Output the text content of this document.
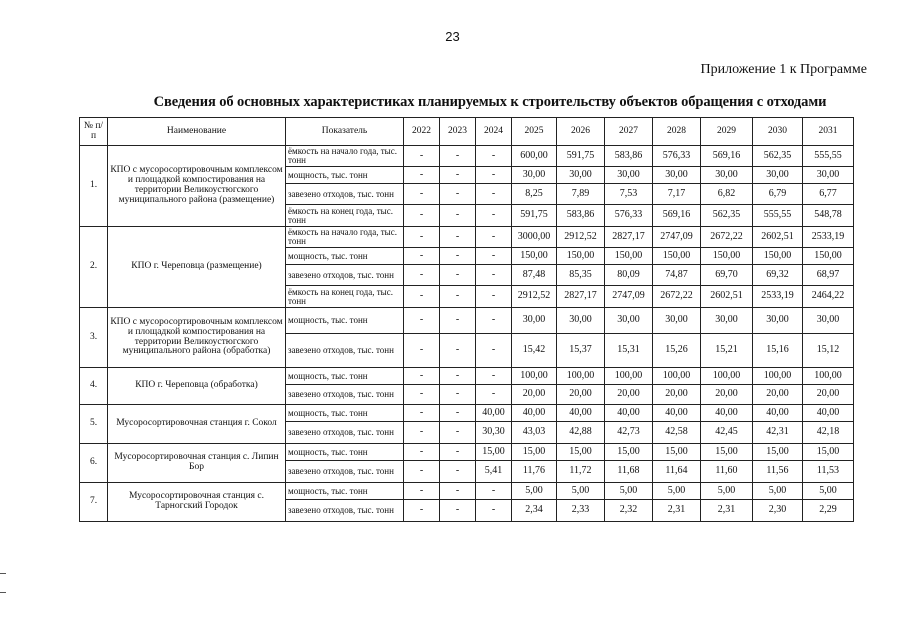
23
Приложение 1 к Программе
Сведения об основных характеристиках планируемых к строительству объектов обращения с отходами
№ п/п	Наименование	Показатель	2022	2023	2024	2025	2026	2027	2028	2029	2030	2031
1.	КПО с мусоросортировочным комплексом и площадкой компостирования на территории Великоустюгского муниципального района (размещение)	ёмкость на начало года, тыс. тонн	-	-	-	600,00	591,75	583,86	576,33	569,16	562,35	555,55
		мощность, тыс. тонн	-	-	-	30,00	30,00	30,00	30,00	30,00	30,00	30,00
		завезено отходов, тыс. тонн	-	-	-	8,25	7,89	7,53	7,17	6,82	6,79	6,77
		ёмкость на конец года, тыс. тонн	-	-	-	591,75	583,86	576,33	569,16	562,35	555,55	548,78
2.	КПО г. Череповца (размещение)	ёмкость на начало года, тыс. тонн	-	-	-	3000,00	2912,52	2827,17	2747,09	2672,22	2602,51	2533,19
		мощность, тыс. тонн	-	-	-	150,00	150,00	150,00	150,00	150,00	150,00	150,00
		завезено отходов, тыс. тонн	-	-	-	87,48	85,35	80,09	74,87	69,70	69,32	68,97
		ёмкость на конец года, тыс. тонн	-	-	-	2912,52	2827,17	2747,09	2672,22	2602,51	2533,19	2464,22
3.	КПО с мусоросортировочным комплексом и площадкой компостирования на территории Великоустюгского муниципального района (обработка)	мощность, тыс. тонн	-	-	-	30,00	30,00	30,00	30,00	30,00	30,00	30,00
		завезено отходов, тыс. тонн	-	-	-	15,42	15,37	15,31	15,26	15,21	15,16	15,12
4.	КПО г. Череповца (обработка)	мощность, тыс. тонн	-	-	-	100,00	100,00	100,00	100,00	100,00	100,00	100,00
		завезено отходов, тыс. тонн	-	-	-	20,00	20,00	20,00	20,00	20,00	20,00	20,00
5.	Мусоросортировочная станция г. Сокол	мощность, тыс. тонн	-	-	40,00	40,00	40,00	40,00	40,00	40,00	40,00	40,00
		завезено отходов, тыс. тонн	-	-	30,30	43,03	42,88	42,73	42,58	42,45	42,31	42,18
6.	Мусоросортировочная станция с. Липин Бор	мощность, тыс. тонн	-	-	15,00	15,00	15,00	15,00	15,00	15,00	15,00	15,00
		завезено отходов, тыс. тонн	-	-	5,41	11,76	11,72	11,68	11,64	11,60	11,56	11,53
7.	Мусоросортировочная станция с. Тарногский Городок	мощность, тыс. тонн	-	-	-	5,00	5,00	5,00	5,00	5,00	5,00	5,00
		завезено отходов, тыс. тонн	-	-	-	2,34	2,33	2,32	2,31	2,31	2,30	2,29
